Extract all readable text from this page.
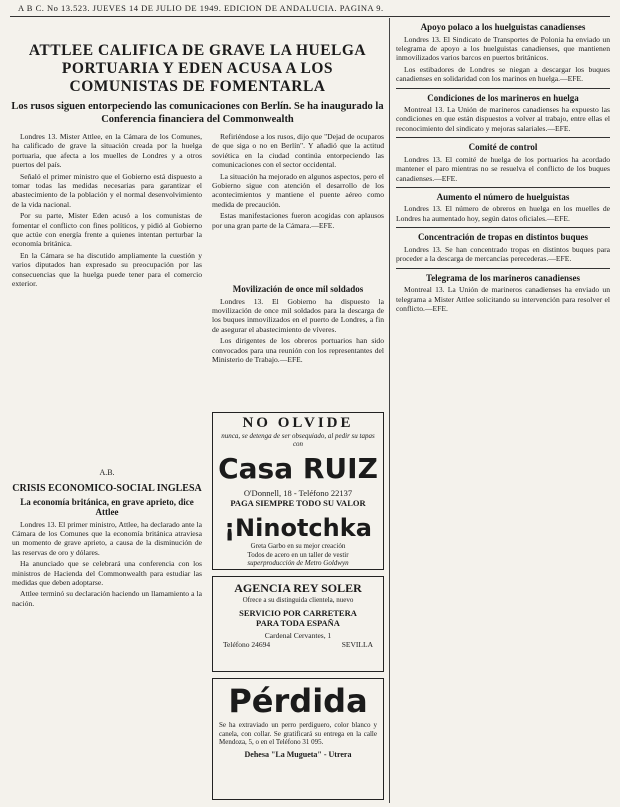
A B C. No 13.523. JUEVES 14 DE JULIO DE 1949. EDICION DE ANDALUCIA. PAGINA 9.
ATTLEE CALIFICA DE GRAVE LA HUELGA PORTUARIA Y EDEN ACUSA A LOS COMUNISTAS DE FOMENTARLA
Los rusos siguen entorpeciendo las comunicaciones con Berlín. Se ha inaugurado la Conferencia financiera del Commonwealth

Londres 13. Mister Attlee, en la Cámara de los Comunes, ha calificado de grave la situación creada por la huelga portuaria, que afecta a los muelles de Londres y a otros puertos del país.

Señaló el primer ministro que el Gobierno está dispuesto a tomar todas las medidas necesarias para garantizar el abastecimiento de la población y el normal desenvolvimiento de la vida nacional.

Por su parte, Mister Eden acusó a los comunistas de fomentar el conflicto con fines políticos, y pidió al Gobierno que actúe con energía frente a quienes intentan perturbar la economía británica.

En la Cámara se ha discutido ampliamente la cuestión y varios diputados han expresado su preocupación por las consecuencias que la huelga puede tener para el comercio exterior.

A.B.
CRISIS ECONOMICO-SOCIAL INGLESA
La economía británica, en grave aprieto, dice Attlee

Londres 13. El primer ministro, Attlee, ha declarado ante la Cámara de los Comunes que la economía británica atraviesa un momento de grave aprieto, a causa de la disminución de las reservas de oro y dólares.

Ha anunciado que se celebrará una conferencia con los ministros de Hacienda del Commonwealth para estudiar las medidas que deben adoptarse.

Attlee terminó su declaración haciendo un llamamiento a la nación.

Refiriéndose a los rusos, dijo que "Dejad de ocuparos de que siga o no en Berlín". Y añadió que la actitud soviética en la ciudad continúa entorpeciendo las comunicaciones con el sector occidental.

La situación ha mejorado en algunos aspectos, pero el Gobierno sigue con atención el desarrollo de los acontecimientos y mantiene el puente aéreo como medida de precaución.

Estas manifestaciones fueron acogidas con aplausos por una gran parte de la Cámara.—EFE.

Movilización de once mil soldados

Londres 13. El Gobierno ha dispuesto la movilización de once mil soldados para la descarga de los buques inmovilizados en el puerto de Londres, a fin de asegurar el abastecimiento de víveres.

Los dirigentes de los obreros portuarios han sido convocados para una reunión con los representantes del Ministerio de Trabajo.—EFE.

NO OLVIDE
nunca, se detenga de ser obsequiado, al pedir su tapas con
Casa RUIZ
O'Donnell, 18 - Teléfono 22137
PAGA SIEMPRE TODO SU VALOR
¡Ninotchka
Greta Garbo en su mejor creación
Todos de acero en un taller de vestir
superproducción de Metro Goldwyn
AGENCIA REY SOLER
Ofrece a su distinguida clientela, nuevo
SERVICIO POR CARRETERA PARA TODA ESPAÑA
Cardenal Cervantes, 1
Teléfono 24694	SEVILLA
Pérdida
Se ha extraviado un perro perdiguero, color blanco y canela, con collar. Se gratificará su entrega en la calle Mendoza, 5, o en el Teléfono 31 095.
Dehesa "La Mugueta" - Utrera
Apoyo polaco a los huelguistas canadienses

Londres 13. El Sindicato de Transportes de Polonia ha enviado un telegrama de apoyo a los huelguistas canadienses, que mantienen inmovilizados varios barcos en puertos británicos.

Los estibadores de Londres se niegan a descargar los buques canadienses en solidaridad con los marinos en huelga.—EFE.

Condiciones de los marineros en huelga

Montreal 13. La Unión de marineros canadienses ha expuesto las condiciones en que están dispuestos a volver al trabajo, entre ellas el reconocimiento del sindicato y mejoras salariales.—EFE.

Comité de control

Londres 13. El comité de huelga de los portuarios ha acordado mantener el paro mientras no se resuelva el conflicto de los buques canadienses.—EFE.

Aumento el número de huelguistas

Londres 13. El número de obreros en huelga en los muelles de Londres ha aumentado hoy, según datos oficiales.—EFE.

Concentración de tropas en distintos buques

Londres 13. Se han concentrado tropas en distintos buques para proceder a la descarga de mercancías perecederas.—EFE.

Telegrama de los marineros canadienses

Montreal 13. La Unión de marineros canadienses ha enviado un telegrama a Mister Attlee solicitando su intervención para resolver el conflicto.—EFE.
